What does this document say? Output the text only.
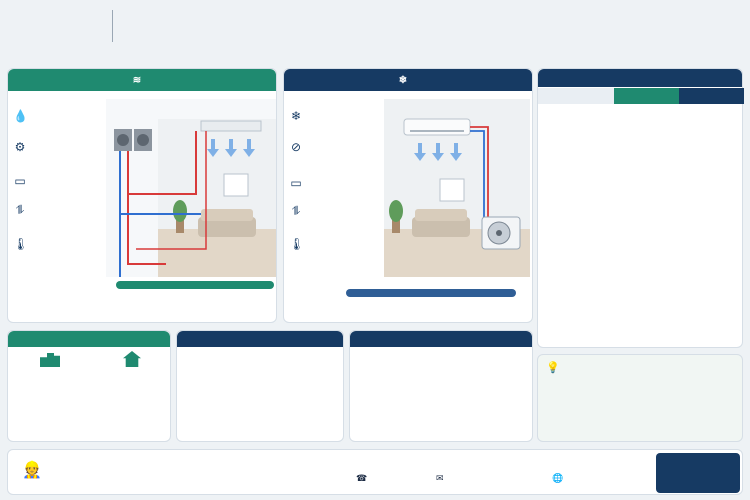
≋
💧
⚙
▭
⥮
🌡
❄
❄
⊘
▭
⥮
🌡
💡
👷	☎	✉	🌐
